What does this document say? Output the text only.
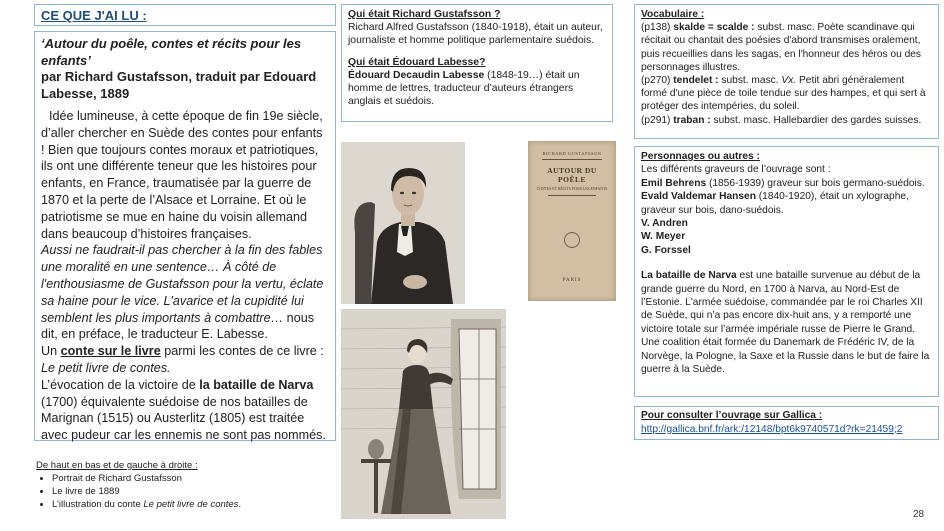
CE QUE J'AI LU :
‘Autour du poêle, contes et récits pour les enfants’
par Richard Gustafsson, traduit par Edouard Labesse, 1889

Idée lumineuse, à cette époque de fin 19e siècle, d’aller chercher en Suède des contes pour enfants ! Bien que toujours contes moraux et patriotiques, ils ont une différente teneur que les histoires pour enfants, en France, traumatisée par la guerre de 1870 et la perte de l’Alsace et Lorraine. Et où le patriotisme se mue en haine du voisin allemand dans beaucoup d’histoires françaises.

Aussi ne faudrait-il pas chercher à la fin des fables une moralité en une sentence… À côté de l'enthousiasme de Gustafsson pour la vertu, éclate sa haine pour le vice. L'avarice et la cupidité lui semblent les plus importants à combattre… nous dit, en préface, le traducteur E. Labesse.

Un conte sur le livre parmi les contes de ce livre : Le petit livre de contes.

L’évocation de la victoire de la bataille de Narva (1700) équivalente suédoise de nos batailles de Marignan (1515) ou Austerlitz (1805) est traitée avec pudeur car les ennemis ne sont pas nommés.

De haut en bas et de gauche à droite :
• Portrait de Richard Gustafsson
• Le livre de 1889
• L’illustration du conte Le petit livre de contes.
Qui était Richard Gustafsson ?

Richard Alfred Gustafsson (1840-1918), était un auteur, journaliste et homme politique parlementaire suédois.

Qui était Édouard Labesse?

Édouard Decaudin Labesse (1848-19…) était un homme de lettres, traducteur d’auteurs étrangers anglais et suédois.

Vocabulaire :
(p138) skalde = scalde : subst. masc. Poète scandinave qui récitait ou chantait des poésies d'abord transmises oralement, puis recueillies dans les sagas, en l'honneur des héros ou des personnages illustres.
(p270) tendelet : subst. masc. Vx. Petit abri généralement formé d'une pièce de toile tendue sur des hampes, et qui sert à protéger des intempéries, du soleil.
(p291) traban : subst. masc. Hallebardier des gardes suisses.
Personnages ou autres :

Les différents graveurs de l’ouvrage sont :

Emil Behrens (1856-1939) graveur sur bois germano-suédois.

Evald Valdemar Hansen (1840-1920), était un xylographe, graveur sur bois, dano-suédois.

V. Andren

W. Meyer

G. Forssel

La bataille de Narva est une bataille survenue au début de la grande guerre du Nord, en 1700 à Narva, au Nord-Est de l’Estonie. L'armée suédoise, commandée par le roi Charles XII de Suède, qui n’a pas encore dix-huit ans, y a remporté une victoire totale sur l’armée impériale russe de Pierre le Grand. Une coalition était formée du Danemark de Frédéric IV, de la Norvège, la Pologne, la Saxe et la Russie dans le but de faire la guerre à la Suède.

Pour consulter l’ouvrage sur Gallica :
http://gallica.bnf.fr/ark:/12148/bpt6k9740571d?rk=21459;2
RICHARD GUSTAFSSON
AUTOUR DU POÊLE
CONTES ET RÉCITS POUR LES ENFANTS
PARIS
28
